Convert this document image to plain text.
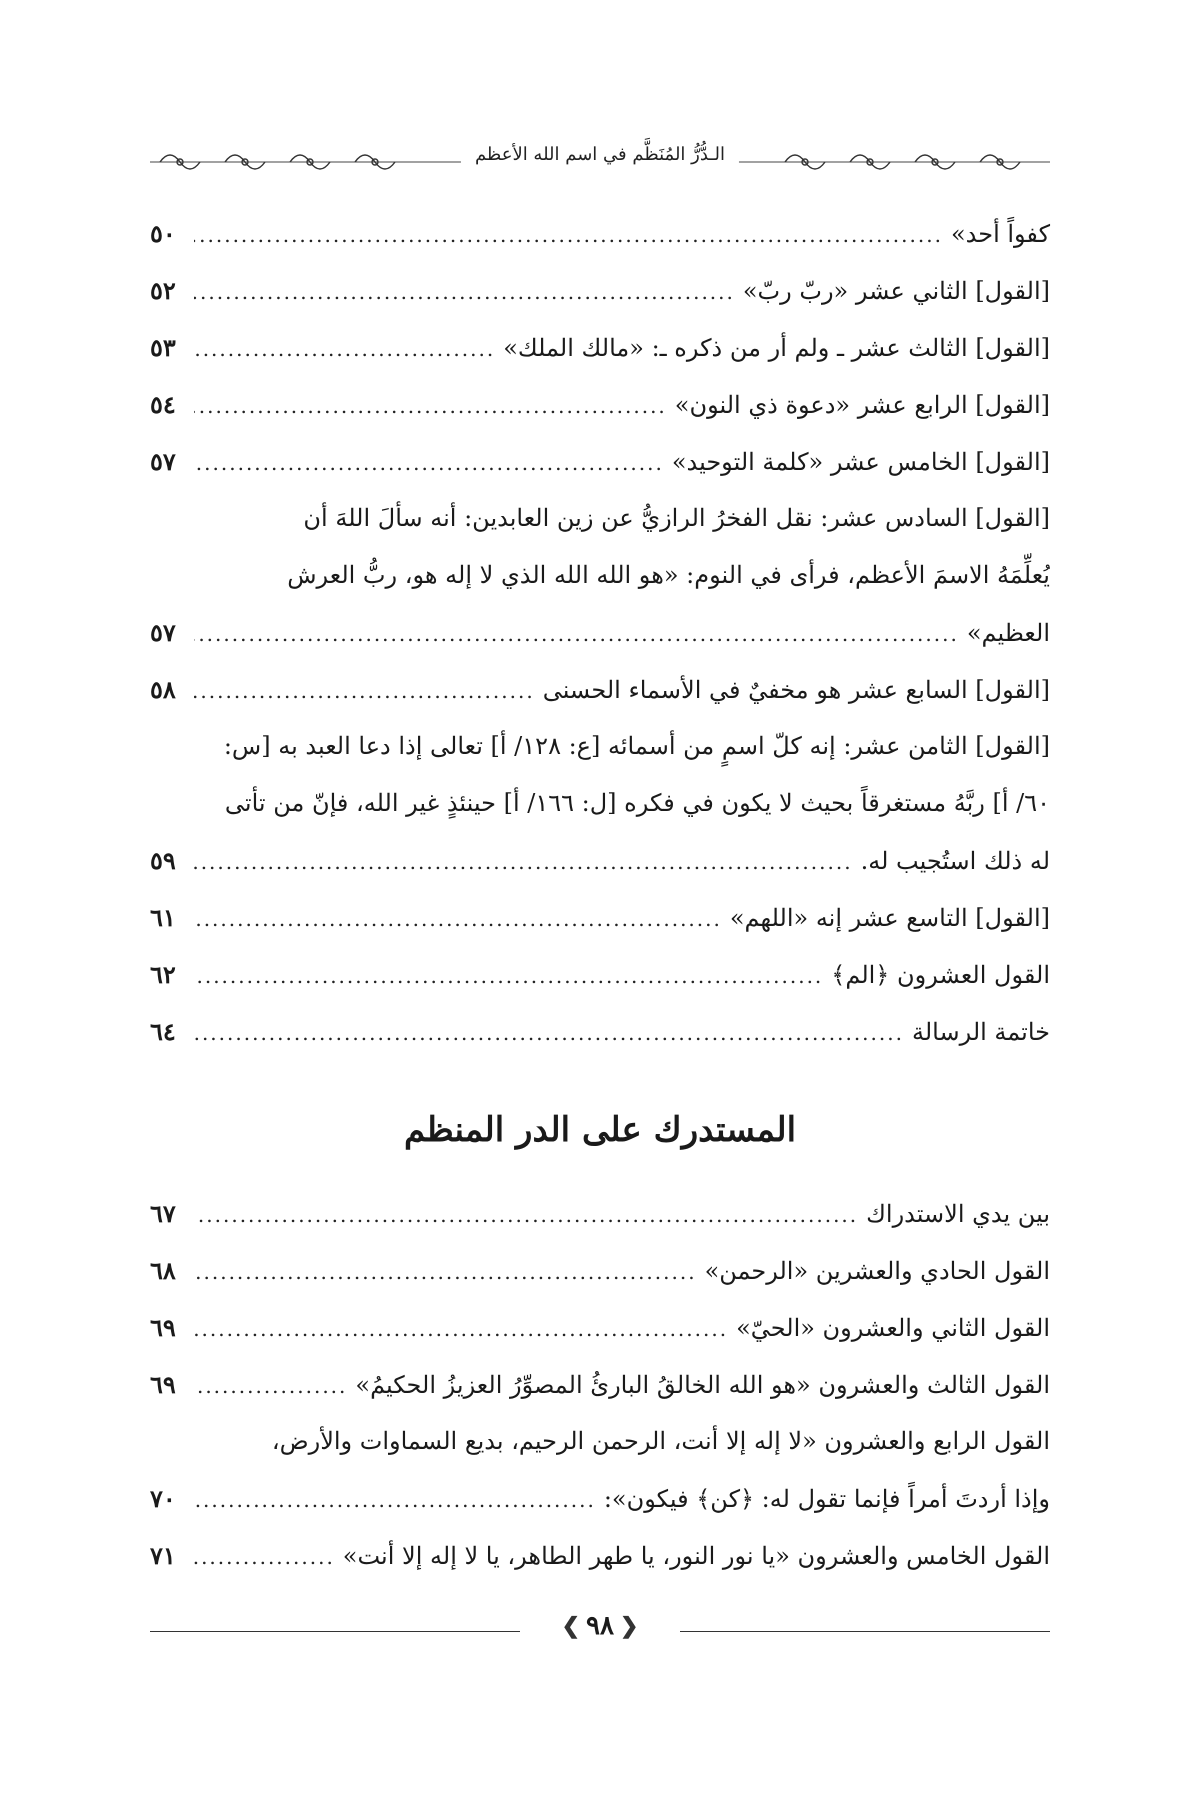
الـدُّرُّ المُنَظَّم في اسم الله الأعظم
كفواً أحد»
.....
٥٠
[القول] الثاني عشر «ربّ ربّ»
.....
٥٢
[القول] الثالث عشر ـ ولم أر من ذكره ـ: «مالك الملك»
.....
٥٣
[القول] الرابع عشر «دعوة ذي النون»
.....
٥٤
[القول] الخامس عشر «كلمة التوحيد»
.....
٥٧
[القول] السادس عشر: نقل الفخرُ الرازيُّ عن زين العابدين: أنه سألَ اللهَ أن
يُعلِّمَهُ الاسمَ الأعظم، فرأى في النوم: «هو الله الله الذي لا إله هو، ربُّ العرش
العظيم»
.....
٥٧
[القول] السابع عشر هو مخفيٌ في الأسماء الحسنى
.....
٥٨
[القول] الثامن عشر: إنه كلّ اسمٍ من أسمائه [ع: ١٢٨/ أ] تعالى إذا دعا العبد به [س:
٦٠/ أ] ربَّهُ مستغرقاً بحيث لا يكون في فكره [ل: ١٦٦/ أ] حينئذٍ غير الله، فإنّ من تأتى
له ذلك استُجيب له.
.....
٥٩
[القول] التاسع عشر إنه «اللهم»
.....
٦١
القول العشرون ﴿الم﴾
.....
٦٢
خاتمة الرسالة
.....
٦٤
المستدرك على الدر المنظم
بين يدي الاستدراك
.....
٦٧
القول الحادي والعشرين «الرحمن»
.....
٦٨
القول الثاني والعشرون «الحيّ»
.....
٦٩
القول الثالث والعشرون «هو الله الخالقُ البارئُ المصوِّرُ العزيزُ الحكيمُ»
.....
٦٩
القول الرابع والعشرون «لا إله إلا أنت، الرحمن الرحيم، بديع السماوات والأرض،
وإذا أردتَ أمراً فإنما تقول له: ﴿كن﴾ فيكون»:
.....
٧٠
القول الخامس والعشرون «يا نور النور، يا طهر الطاهر، يا لا إله إلا أنت»
.....
٧١
❮
٩٨
❯
